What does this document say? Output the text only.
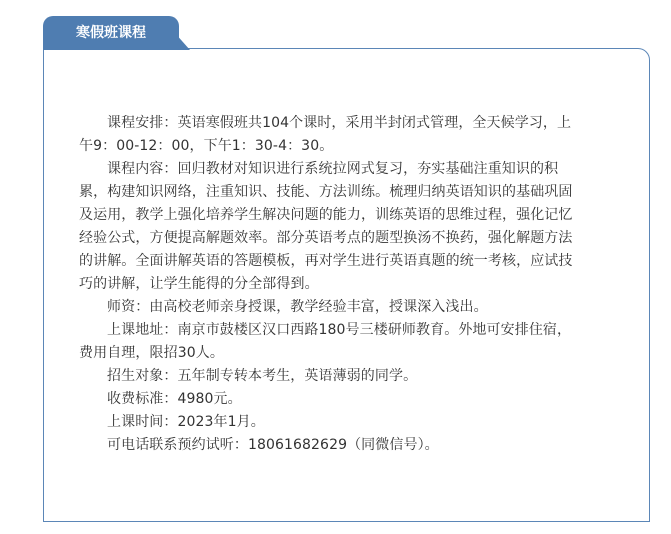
寒假班课程

课程安排：英语寒假班共104个课时，采用半封闭式管理，全天候学习，上午9：00-12：00，下午1：30-4：30。

课程内容：回归教材对知识进行系统拉网式复习，夯实基础注重知识的积累，构建知识网络，注重知识、技能、方法训练。梳理归纳英语知识的基础巩固及运用，教学上强化培养学生解决问题的能力，训练英语的思维过程，强化记忆经验公式，方便提高解题效率。部分英语考点的题型换汤不换药，强化解题方法的讲解。全面讲解英语的答题模板，再对学生进行英语真题的统一考核，应试技巧的讲解，让学生能得的分全部得到。

师资：由高校老师亲身授课，教学经验丰富，授课深入浅出。

上课地址：南京市鼓楼区汉口西路180号三楼研师教育。外地可安排住宿，费用自理，限招30人。

招生对象：五年制专转本考生，英语薄弱的同学。

收费标准：4980元。

上课时间：2023年1月。

可电话联系预约试听：18061682629（同微信号）。
